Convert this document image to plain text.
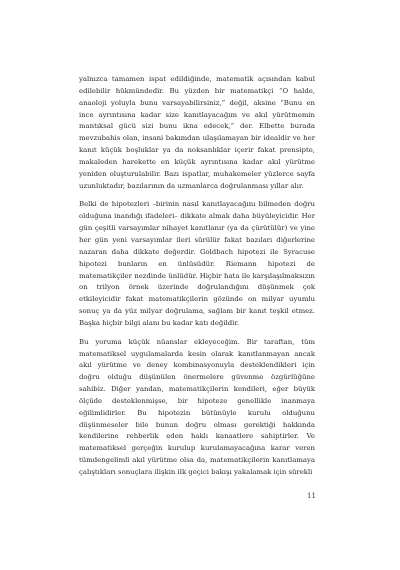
yalnızca tamamen ispat edildiğinde, matematik açısından kabul edilebilir hükmündedir. Bu yüzden bir matematikçi “O halde, anaoloji yoluyla bunu varsayabilirsiniz,” değil, aksine “Bunu en ince ayrıntısına kadar size kanıtlayacağım ve akıl yürütmemin mantıksal gücü sizi bunu ikna edecek,” der. Elbette burada mevzubahis olan, insani bakımdan ulaşılamayan bir idealdir ve her kanıt küçük boşluklar ya da noksanlıklar içerir fakat prensipte, makaleden harekette en küçük ayrıntısına kadar akıl yürütme yeniden oluşturulabilir. Bazı ispatlar, muhakemeler yüzlerce sayfa uzunluktadır, bazılarının da uzmanlarca doğrulanması yıllar alır.

Belki de hipotezleri –birinin nasıl kanıtlayacağını bilmeden doğru olduğuna inandığı ifadeleri– dikkate almak daha büyüleyicidir. Her gün çeşitli varsayımlar nihayet kanıtlanır (ya da çürütülür) ve yine her gün yeni varsayımlar ileri sürülür fakat bazıları diğerlerine nazaran daha dikkate değerdir. Goldbach hipotezi ile Syracuse hipotezi bunların en ünlüsüdür. Riemann hipotezi de matematikçiler nezdinde ünlüdür. Hiçbir hata ile karşılaşılmaksızın on trilyon örnek üzerinde doğrulandığını düşünmek çok etkileyicidir fakat matematikçilerin gözünde on milyar uyumlu sonuç ya da yüz milyar doğrulama, sağlam bir kanıt teşkil etmez. Başka hiçbir bilgi alanı bu kadar katı değildir.

Bu yoruma küçük nüanslar ekleyeceğim. Bir taraftan, tüm matematiksel uygulamalarda kesin olarak kanıtlanmayan ancak akıl yürütme ve deney kombinasyonuyla desteklendikleri için doğru olduğu düşünülen önermelere güvenme özgürlüğüne sahibiz. Diğer yandan, matematikçilerin kendileri, eğer büyük ölçüde desteklenmişse, bir hipoteze genellikle inanmaya eğilimlidirler. Bu hipotezin bütünüyle kurulu olduğunu düşünmeseler bile bunun doğru olması gerektiği hakkında kendilerine rehberlik eden haklı kanaatlere sahiptirler. Ve matematiksel gerçeğin kurulup kurulamayacağına karar veren tümdengelimli akıl yürütme olsa da, matematikçilerin kanıtlamaya çalıştıkları sonuçlara ilişkin ilk geçici bakışı yakalamak için sürekli

11
